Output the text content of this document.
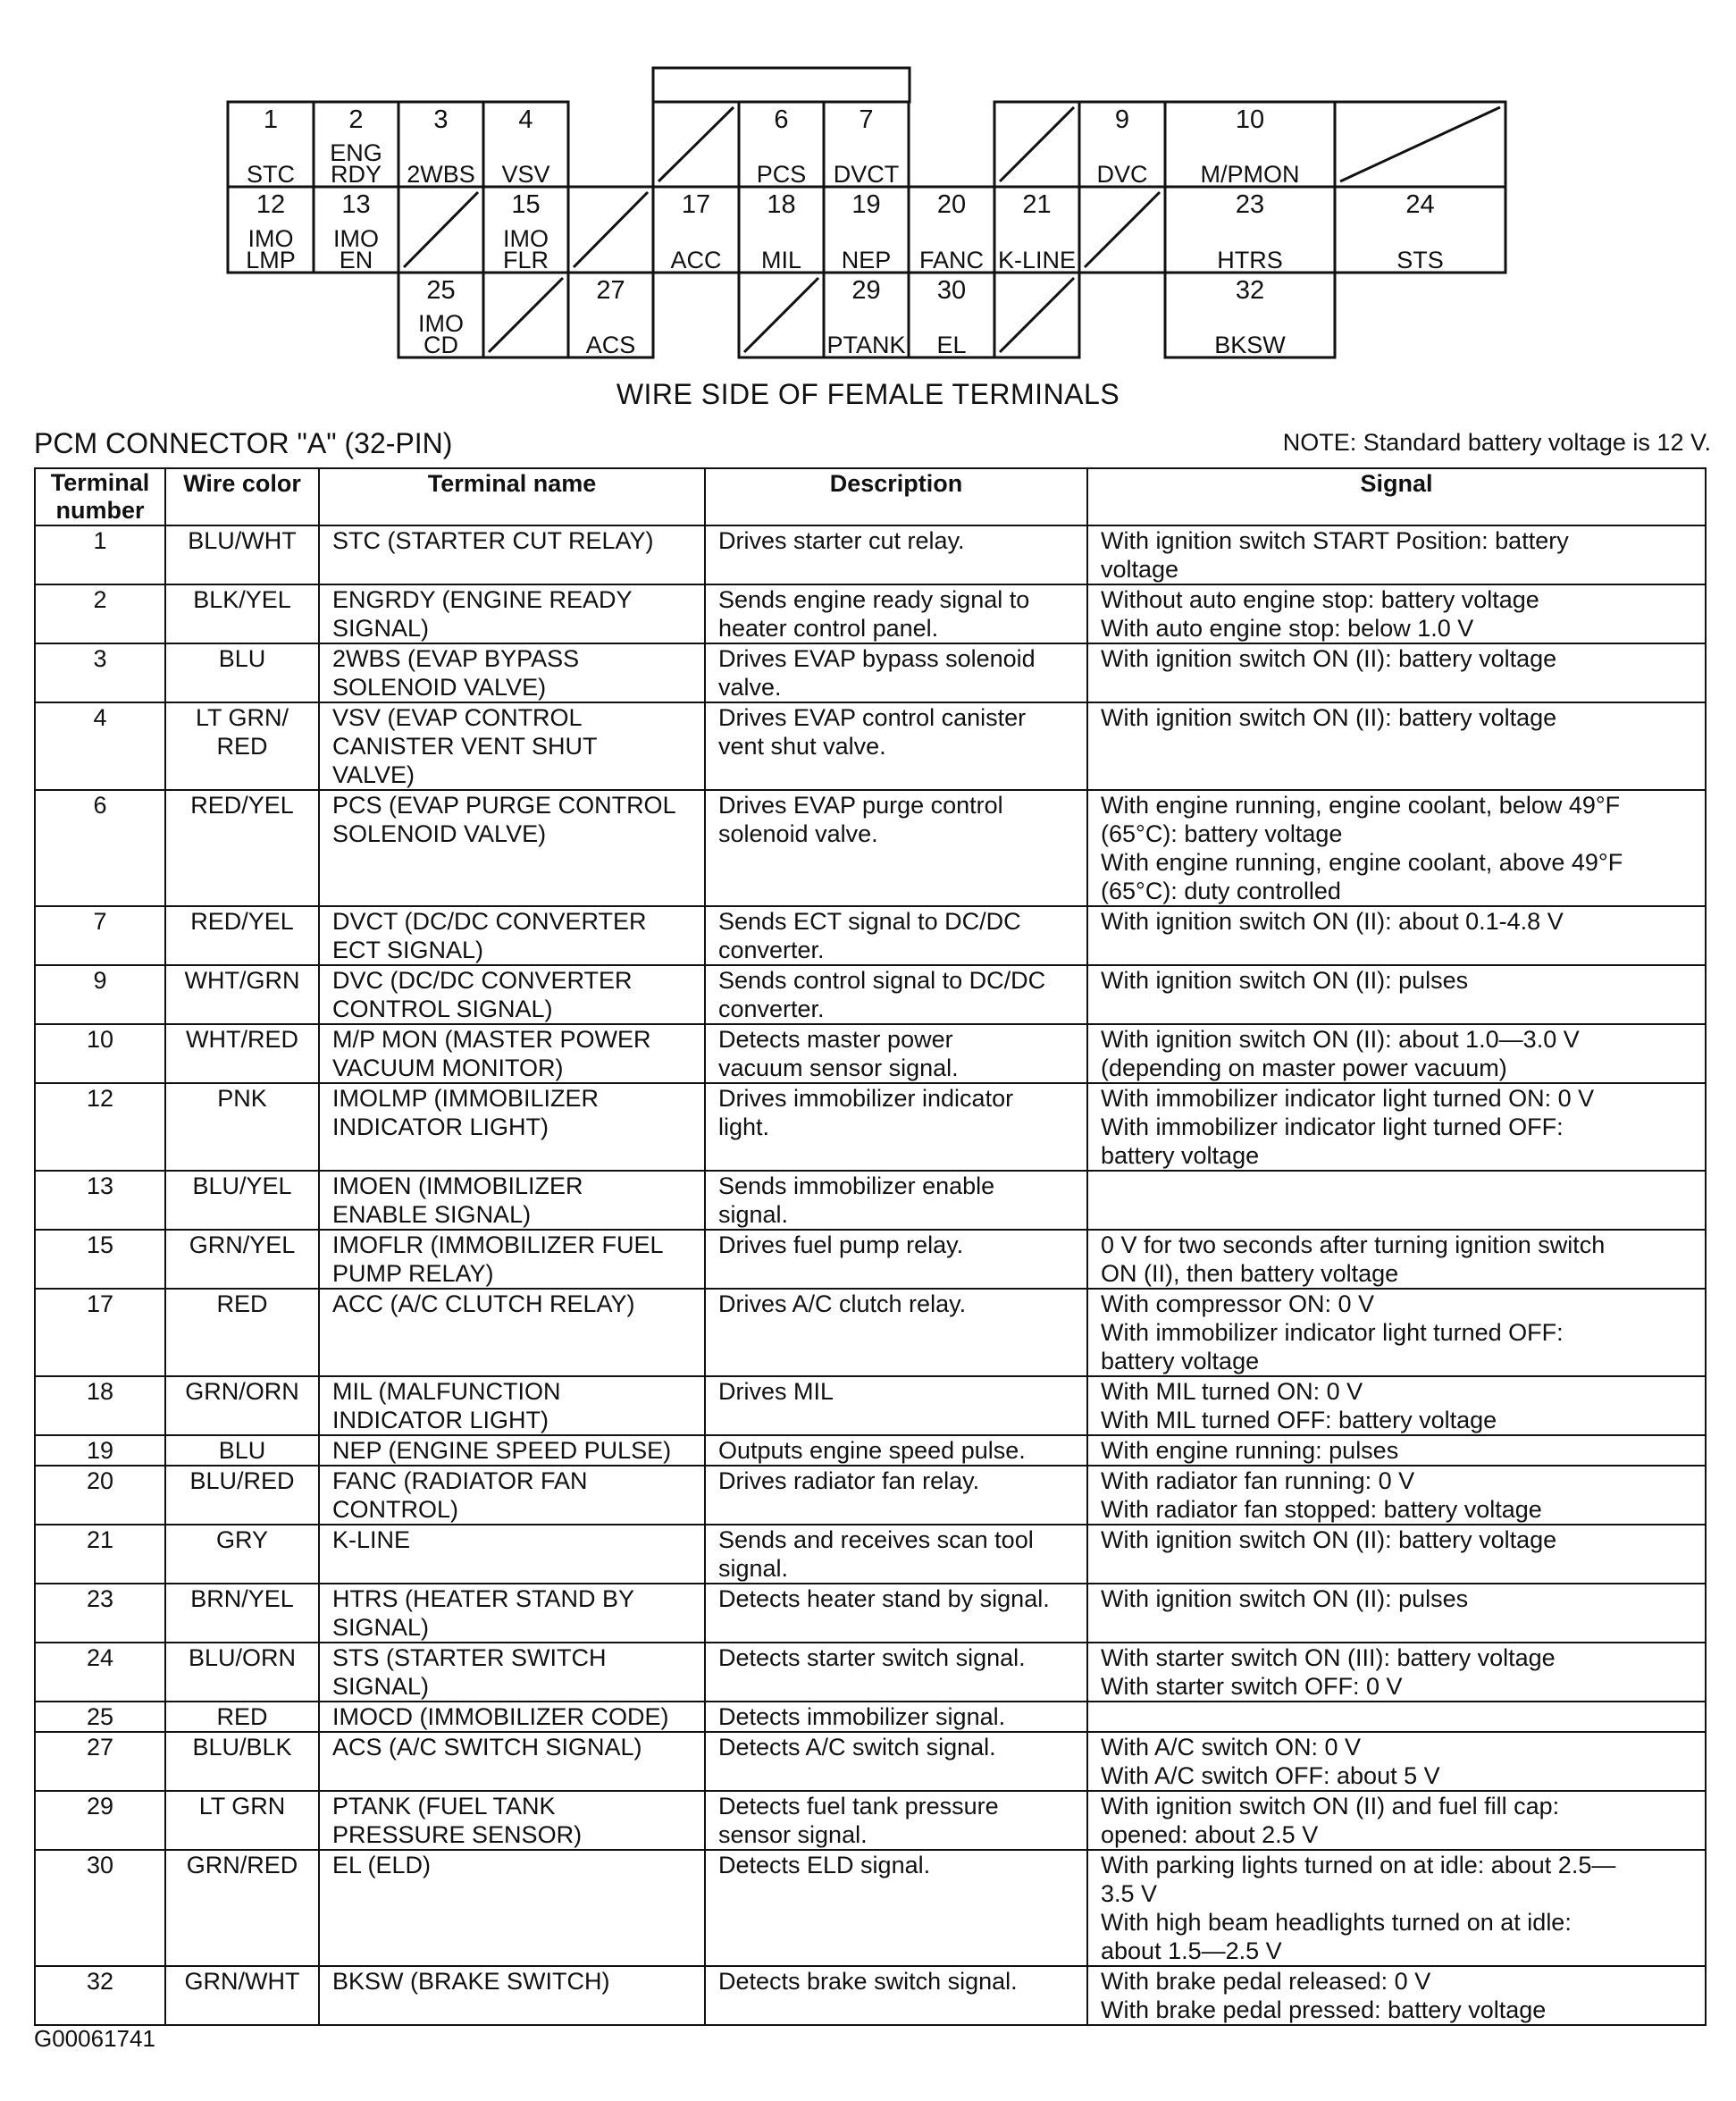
1
STC
2
ENG
RDY
3
2WBS
4
VSV
6
PCS
7
DVCT
9
DVC
10
M/PMON
12
IMO
LMP
13
IMO
EN
15
IMO
FLR
17
ACC
18
MIL
19
NEP
20
FANC
21
K-LINE
23
HTRS
24
STS
25
IMO
CD
27
ACS
29
PTANK
30
EL
32
BKSW
WIRE SIDE OF FEMALE TERMINALS
PCM CONNECTOR "A" (32-PIN)	NOTE: Standard battery voltage is 12 V.
Terminal number	Wire color	Terminal name	Description	Signal
1	BLU/WHT	STC (STARTER CUT RELAY)	Drives starter cut relay.	With ignition switch START Position: battery
voltage

2	BLK/YEL	ENGRDY (ENGINE READY
SIGNAL)	Sends engine ready signal to
heater control panel.	Without auto engine stop: battery voltage
With auto engine stop: below 1.0 V

3	BLU	2WBS (EVAP BYPASS
SOLENOID VALVE)	Drives EVAP bypass solenoid
valve.	With ignition switch ON (II): battery voltage

4	LT GRN/
RED	VSV (EVAP CONTROL
CANISTER VENT SHUT
VALVE)	Drives EVAP control canister
vent shut valve.	With ignition switch ON (II): battery voltage

6	RED/YEL	PCS (EVAP PURGE CONTROL
SOLENOID VALVE)	Drives EVAP purge control
solenoid valve.	With engine running, engine coolant, below 49°F
(65°C): battery voltage
With engine running, engine coolant, above 49°F
(65°C): duty controlled

7	RED/YEL	DVCT (DC/DC CONVERTER
ECT SIGNAL)	Sends ECT signal to DC/DC
converter.	With ignition switch ON (II): about 0.1-4.8 V

9	WHT/GRN	DVC (DC/DC CONVERTER
CONTROL SIGNAL)	Sends control signal to DC/DC
converter.	With ignition switch ON (II): pulses

10	WHT/RED	M/P MON (MASTER POWER
VACUUM MONITOR)	Detects master power
vacuum sensor signal.	With ignition switch ON (II): about 1.0—3.0 V
(depending on master power vacuum)

12	PNK	IMOLMP (IMMOBILIZER
INDICATOR LIGHT)	Drives immobilizer indicator
light.	With immobilizer indicator light turned ON: 0 V
With immobilizer indicator light turned OFF:
battery voltage

13	BLU/YEL	IMOEN (IMMOBILIZER
ENABLE SIGNAL)	Sends immobilizer enable
signal.	

15	GRN/YEL	IMOFLR (IMMOBILIZER FUEL
PUMP RELAY)	Drives fuel pump relay.	0 V for two seconds after turning ignition switch
ON (II), then battery voltage

17	RED	ACC (A/C CLUTCH RELAY)	Drives A/C clutch relay.	With compressor ON: 0 V
With immobilizer indicator light turned OFF:
battery voltage

18	GRN/ORN	MIL (MALFUNCTION
INDICATOR LIGHT)	Drives MIL	With MIL turned ON: 0 V
With MIL turned OFF: battery voltage

19	BLU	NEP (ENGINE SPEED PULSE)	Outputs engine speed pulse.	With engine running: pulses

20	BLU/RED	FANC (RADIATOR FAN
CONTROL)	Drives radiator fan relay.	With radiator fan running: 0 V
With radiator fan stopped: battery voltage

21	GRY	K-LINE	Sends and receives scan tool
signal.	With ignition switch ON (II): battery voltage

23	BRN/YEL	HTRS (HEATER STAND BY
SIGNAL)	Detects heater stand by signal.	With ignition switch ON (II): pulses

24	BLU/ORN	STS (STARTER SWITCH
SIGNAL)	Detects starter switch signal.	With starter switch ON (III): battery voltage
With starter switch OFF: 0 V

25	RED	IMOCD (IMMOBILIZER CODE)	Detects immobilizer signal.	

27	BLU/BLK	ACS (A/C SWITCH SIGNAL)	Detects A/C switch signal.	With A/C switch ON: 0 V
With A/C switch OFF: about 5 V

29	LT GRN	PTANK (FUEL TANK
PRESSURE SENSOR)	Detects fuel tank pressure
sensor signal.	With ignition switch ON (II) and fuel fill cap:
opened: about 2.5 V

30	GRN/RED	EL (ELD)	Detects ELD signal.	With parking lights turned on at idle: about 2.5—
3.5 V
With high beam headlights turned on at idle:
about 1.5—2.5 V

32	GRN/WHT	BKSW (BRAKE SWITCH)	Detects brake switch signal.	With brake pedal released: 0 V
With brake pedal pressed: battery voltage
G00061741
